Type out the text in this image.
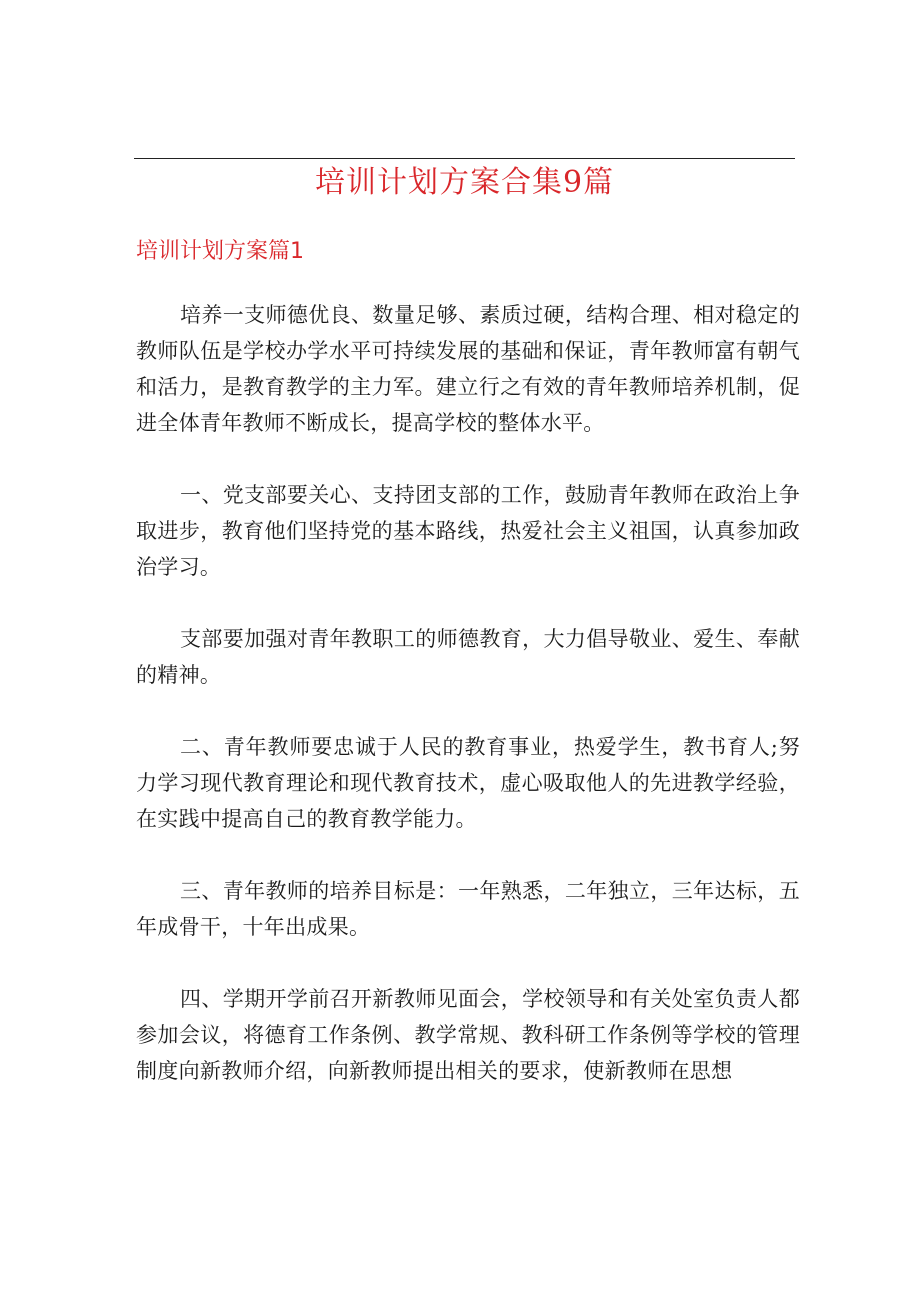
培训计划方案合集9篇
培训计划方案篇1

培养一支师德优良、数量足够、素质过硬，结构合理、相对稳定的教师队伍是学校办学水平可持续发展的基础和保证，青年教师富有朝气和活力，是教育教学的主力军。建立行之有效的青年教师培养机制，促进全体青年教师不断成长，提高学校的整体水平。

一、党支部要关心、支持团支部的工作，鼓励青年教师在政治上争取进步，教育他们坚持党的基本路线，热爱社会主义祖国，认真参加政治学习。

支部要加强对青年教职工的师德教育，大力倡导敬业、爱生、奉献的精神。

二、青年教师要忠诚于人民的教育事业，热爱学生，教书育人;努力学习现代教育理论和现代教育技术，虚心吸取他人的先进教学经验，在实践中提高自己的教育教学能力。

三、青年教师的培养目标是：一年熟悉，二年独立，三年达标，五年成骨干，十年出成果。

四、学期开学前召开新教师见面会，学校领导和有关处室负责人都参加会议，将德育工作条例、教学常规、教科研工作条例等学校的管理制度向新教师介绍，向新教师提出相关的要求，使新教师在思想
